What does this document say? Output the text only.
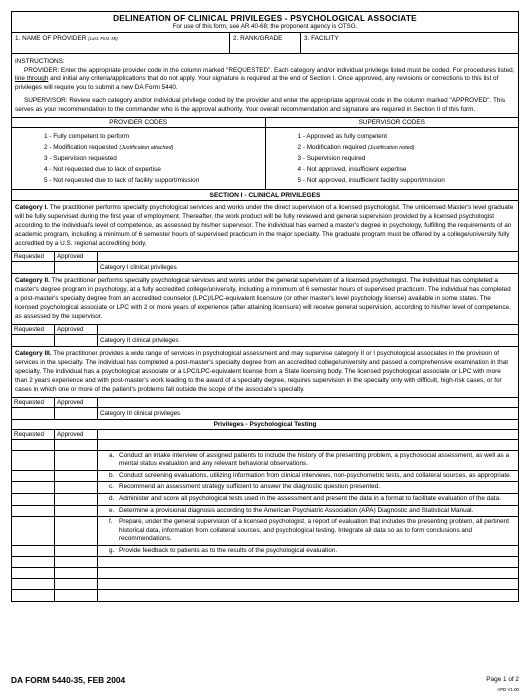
DELINEATION OF CLINICAL PRIVILEGES - PSYCHOLOGICAL ASSOCIATE
For use of this form, see AR 40-68; the proponent agency is OTSG.
1. NAME OF PROVIDER (Last, First, MI)	2. RANK/GRADE	3. FACILITY
INSTRUCTIONS:

PROVIDER: Enter the appropriate provider code in the column marked "REQUESTED". Each category and/or individual privilege listed must be coded. For procedures listed, line through and initial any criteria/applications that do not apply. Your signature is required at the end of Section I. Once approved, any revisions or corrections to this list of privileges will require you to submit a new DA Form 5440.

SUPERVISOR: Review each category and/or individual privilege coded by the provider and enter the appropriate approval code in the column marked "APPROVED". This serves as your recommendation to the commander who is the approval authority. Your overall recommendation and signature are required in Section II of this form.

PROVIDER CODES
1 - Fully competent to perform
2 - Modification requested (Justification attached)
3 - Supervision requested
4 - Not requested due to lack of expertise
5 - Not requested due to lack of facility support/mission
SUPERVISOR CODES
1 - Approved as fully competent
2 - Modification required (Justification noted)
3 - Supervision required
4 - Not approved, insufficient expertise
5 - Not approved, insufficient facility support/mission
SECTION I - CLINICAL PRIVILEGES
Category I. The practitioner performs specialty psychological services and works under the direct supervision of a licensed psychologist. The unlicensed Master's level graduate will be fully supervised during the first year of employment. Thereafter, the work product will be fully reviewed and general supervision provided by a licensed psychologist according to the individual's level of competence, as assessed by his/her supervisor. The individual has earned a master's degree in psychology, fulfilling the requirements of an academic program, including a minimum of 6 semester hours of supervised practicum in the major specialty. The graduate program must be offered by a college/university fully accredited by a U.S. regional accrediting body.
Requested	Approved
Category I clinical privileges
Category II. The practitioner performs specialty psychological services and works under the general supervision of a licensed psychologist. The individual has completed a master's degree program in psychology, at a fully accredited college/university, including a minimum of 6 semester hours of supervised practicum. The individual has completed a post-master's specialty degree from an accredited counselor (LPC)/LPC-equivalent licensure (or other master's level psychology license) available in some states. The licensed psychological associate or LPC with 2 or more years of experience (after attaining licensure) will receive general supervision, according to his/her level of competence, as assessed by the supervisor.
Requested	Approved
Category II clinical privileges
Category III. The practitioner provides a wide range of services in psychological assessment and may supervise category II or I psychological associates in the provision of services in the specialty. The individual has completed a post-master's specialty degree from an accredited college/university and passed a comprehensive examination in that specialty. The individual has a psychological associate or a LPC/LPC-equivalent license from a State licensing body. The licensed psychological associate or LPC with more than 2 years experience and with post-master's work leading to the award of a specialty degree, requires supervision in the specialty only with difficult, high-risk cases, or for cases in which one or more of the patient's problems fall outside the scope of the associate's specialty.
Requested	Approved
Category III clinical privileges
Privileges - Psychological Testing
Requested	Approved
a. Conduct an intake interview of assigned patients to include the history of the presenting problem, a psychosocial assessment, as well as a mental status evaluation and any relevant behavioral observations.
b. Conduct screening evaluations, utilizing information from clinical interviews, non-psychometric tests, and collateral sources, as appropriate.
c. Recommend an assessment strategy sufficient to answer the diagnostic question presented.
d. Administer and score all psychological tests used in the assessment and present the data in a format to facilitate evaluation of the data.
e. Determine a provisional diagnosis according to the American Psychiatric Association (APA) Diagnostic and Statistical Manual.
f.	Prepare, under the general supervision of a licensed psychologist, a report of evaluation that includes the presenting problem, all pertinent historical data, information from collateral sources, and psychological testing. Integrate all data so as to form conclusions and recommendations.
g. Provide feedback to patients as to the results of the psychological evaluation.
DA FORM 5440-35, FEB 2004	Page 1 of 2
APD V1.00
